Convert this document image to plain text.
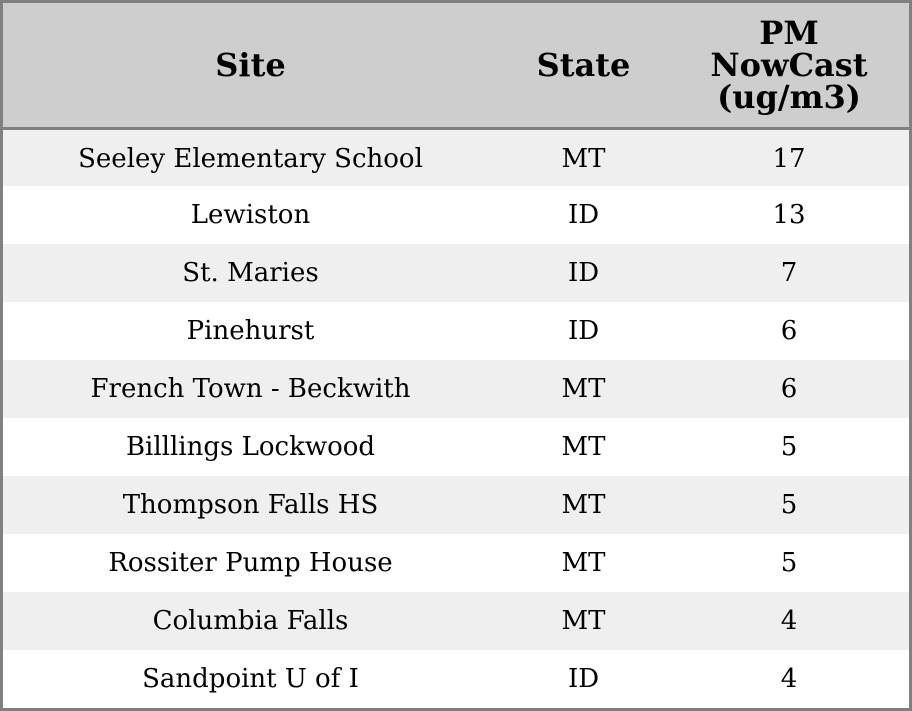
Site	State	PM NowCast (ug/m3)
Seeley Elementary School	MT	17
Lewiston	ID	13
St. Maries	ID	7
Pinehurst	ID	6
French Town - Beckwith	MT	6
Billlings Lockwood	MT	5
Thompson Falls HS	MT	5
Rossiter Pump House	MT	5
Columbia Falls	MT	4
Sandpoint U of I	ID	4
